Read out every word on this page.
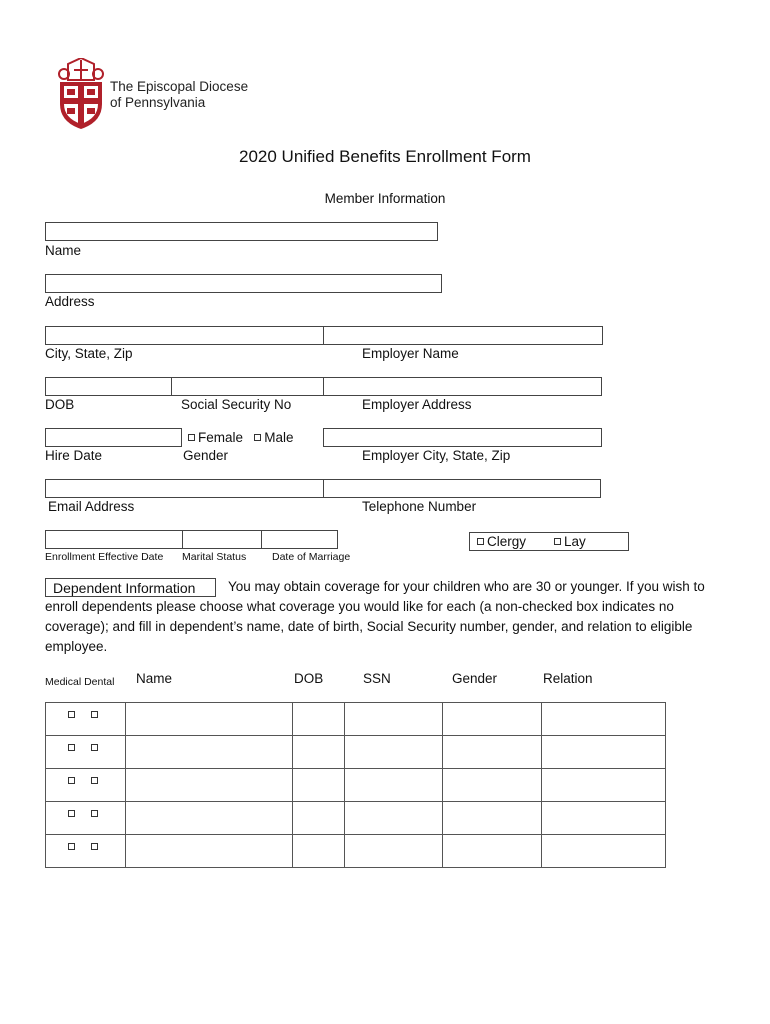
The Episcopal Diocese
of Pennsylvania
2020 Unified Benefits Enrollment Form
Member Information
Name
Address
City, State, Zip	Employer Name
DOB	Social Security No	Employer Address
Female Male
Hire Date	Gender	Employer City, State, Zip
Email Address	Telephone Number
Clergy	Lay
Enrollment Effective Date Marital Status Date of Marriage
Dependent Information You may obtain coverage for your children who are 30 or younger. If you wish to
enroll dependents please choose what coverage you would like for each (a non-checked box indicates no
coverage); and fill in dependent’s name, date of birth, Social Security number, gender, and relation to eligible
employee.
Medical Dental Name	DOB	SSN	Gender	Relation
